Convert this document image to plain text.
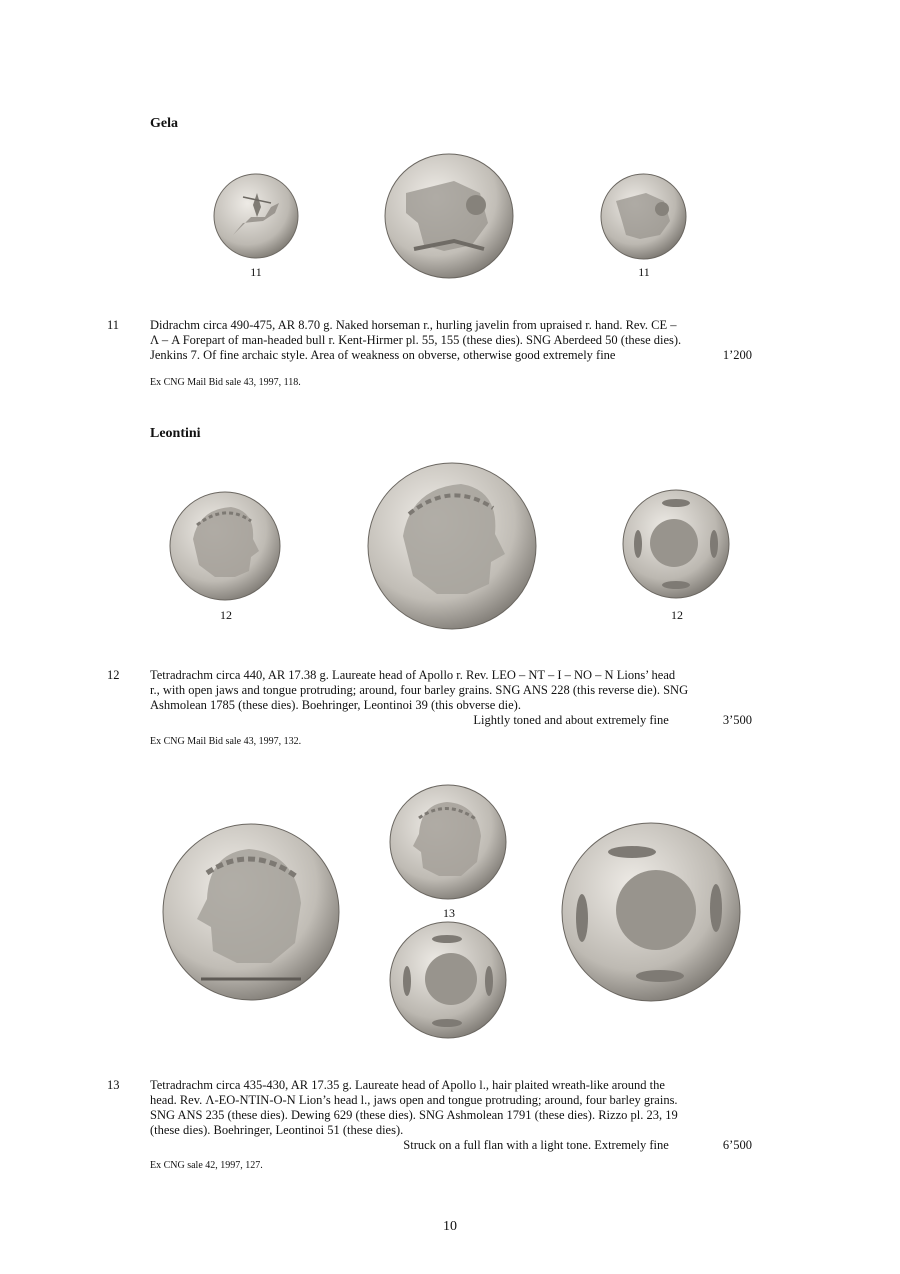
Gela
11	11
11 Didrachm circa 490-475, AR 8.70 g. Naked horseman r., hurling javelin from upraised r. hand. Rev. CE –
Λ – A Forepart of man-headed bull r. Kent-Hirmer pl. 55, 155 (these dies). SNG Aberdeed 50 (these dies).
Jenkins 7. Of fine archaic style. Area of weakness on obverse, otherwise good extremely fine	1’200
Ex CNG Mail Bid sale 43, 1997, 118.
Leontini
12	12
12 Tetradrachm circa 440, AR 17.38 g. Laureate head of Apollo r. Rev. LEO – NT – I – NO – N Lions’ head
r., with open jaws and tongue protruding; around, four barley grains. SNG ANS 228 (this reverse die). SNG
Ashmolean 1785 (these dies). Boehringer, Leontinoi 39 (this obverse die).
Lightly toned and about extremely fine	3’500
Ex CNG Mail Bid sale 43, 1997, 132.
13
13 Tetradrachm circa 435-430, AR 17.35 g. Laureate head of Apollo l., hair plaited wreath-like around the
head. Rev. Λ-EO-NTIN-O-N Lion’s head l., jaws open and tongue protruding; around, four barley grains.
SNG ANS 235 (these dies). Dewing 629 (these dies). SNG Ashmolean 1791 (these dies). Rizzo pl. 23, 19
(these dies). Boehringer, Leontinoi 51 (these dies).
Struck on a full flan with a light tone. Extremely fine	6’500
Ex CNG sale 42, 1997, 127.
10
